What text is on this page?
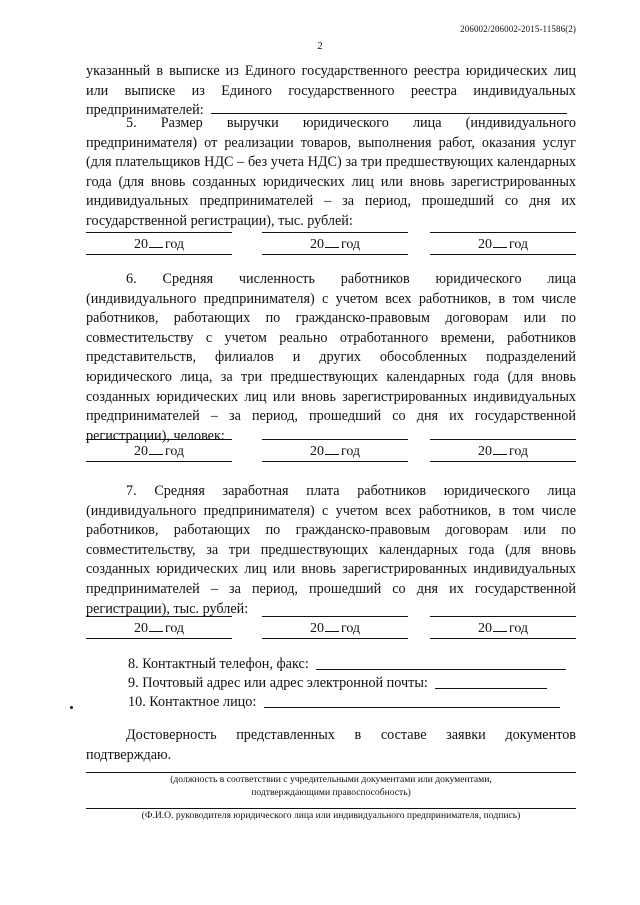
206002/206002-2015-11586(2)
2

указанный в выписке из Единого государственного реестра юридических лиц или выписке из Единого государственного реестра индивидуальных предпринимателей:

5. Размер выручки юридического лица (индивидуального предпринимателя) от реализации товаров, выполнения работ, оказания услуг (для плательщиков НДС – без учета НДС) за три предшествующих календарных года (для вновь созданных юридических лиц или вновь зарегистрированных индивидуальных предпринимателей – за период, прошедший со дня их государственной регистрации), тыс. рублей:

20 год	20 год	20 год

6. Средняя численность работников юридического лица (индивидуального предпринимателя) с учетом всех работников, в том числе работников, работающих по гражданско-правовым договорам или по совместительству с учетом реально отработанного времени, работников представительств, филиалов и других обособленных подразделений юридического лица, за три предшествующих календарных года (для вновь созданных юридических лиц или вновь зарегистрированных индивидуальных предпринимателей – за период, прошедший со дня их государственной регистрации), человек:

20 год	20 год	20 год

7. Средняя заработная плата работников юридического лица (индивидуального предпринимателя) с учетом всех работников, в том числе работников, работающих по гражданско-правовым договорам или по совместительству, за три предшествующих календарных года (для вновь созданных юридических лиц или вновь зарегистрированных индивидуальных предпринимателей – за период, прошедший со дня их государственной регистрации), тыс. рублей:

20 год	20 год	20 год
8. Контактный телефон, факс:
9. Почтовый адрес или адрес электронной почты:
10. Контактное лицо:

Достоверность представленных в составе заявки документов подтверждаю.

(должность в соответствии с учредительными документами или документами,
подтверждающими правоспособность)
(Ф.И.О. руководителя юридического лица или индивидуального предпринимателя, подпись)
